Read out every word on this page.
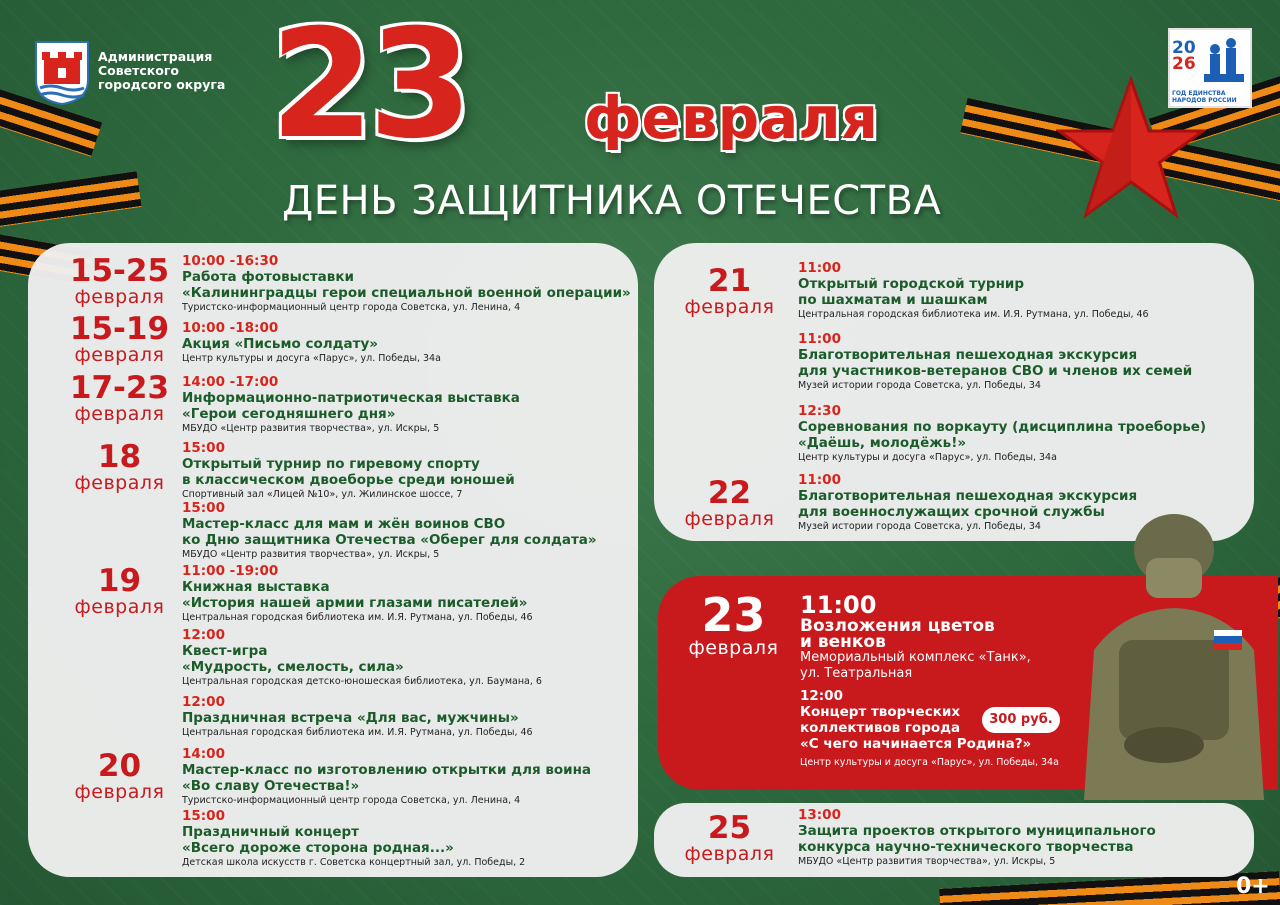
Администрация Советского городсого округа 23 февраля
ДЕНЬ ЗАЩИТНИКА ОТЕЧЕСТВА
20
26
ГОД ЕДИНСТВА НАРОДОВ РОССИИ
15-25
февраля
15-19
февраля
17-23
февраля
18
февраля
19
февраля
20
февраля
10:00 -16:30
Работа фотовыставки
«Калининградцы герои специальной военной операции»
Туристско-информационный центр города Советска, ул. Ленина, 4
10:00 -18:00
Акция «Письмо солдату»
Центр культуры и досуга «Парус», ул. Победы, 34а
14:00 -17:00
Информационно-патриотическая выставка
«Герои сегодняшнего дня»
МБУДО «Центр развития творчества», ул. Искры, 5
15:00
Открытый турнир по гиревому спорту
в классическом двоеборье среди юношей
Спортивный зал «Лицей №10», ул. Жилинское шоссе, 7
15:00
Мастер-класс для мам и жён воинов СВО
ко Дню защитника Отечества «Оберег для солдата»
МБУДО «Центр развития творчества», ул. Искры, 5
11:00 -19:00
Книжная выставка
«История нашей армии глазами писателей»
Центральная городская библиотека им. И.Я. Рутмана, ул. Победы, 46
12:00
Квест-игра
«Мудрость, смелость, сила»
Центральная городская детско-юношеская библиотека, ул. Баумана, 6
12:00
Праздничная встреча «Для вас, мужчины»
Центральная городская библиотека им. И.Я. Рутмана, ул. Победы, 46
14:00
Мастер-класс по изготовлению открытки для воина
«Во славу Отечества!»
Туристско-информационный центр города Советска, ул. Ленина, 4
15:00
Праздничный концерт
«Всего дороже сторона родная...»
Детская школа искусств г. Советска концертный зал, ул. Победы, 2
21
февраля
22
февраля
11:00
Открытый городской турнир
по шахматам и шашкам
Центральная городская библиотека им. И.Я. Рутмана, ул. Победы, 46
11:00
Благотворительная пешеходная экскурсия
для участников-ветеранов СВО и членов их семей
Музей истории города Советска, ул. Победы, 34
12:30
Соревнования по воркауту (дисциплина троеборье)
«Даёшь, молодёжь!»
Центр культуры и досуга «Парус», ул. Победы, 34а
11:00
Благотворительная пешеходная экскурсия
для военнослужащих срочной службы
Музей истории города Советска, ул. Победы, 34
23
февраля
11:00
Возложения цветов
и венков
Мемориальный комплекс «Танк»,
ул. Театральная
12:00
Концерт творческих
коллективов города
«С чего начинается Родина?»
Центр культуры и досуга «Парус», ул. Победы, 34а
300 руб.
25
февраля
13:00
Защита проектов открытого муниципального
конкурса научно-технического творчества
МБУДО «Центр развития творчества», ул. Искры, 5
0+
